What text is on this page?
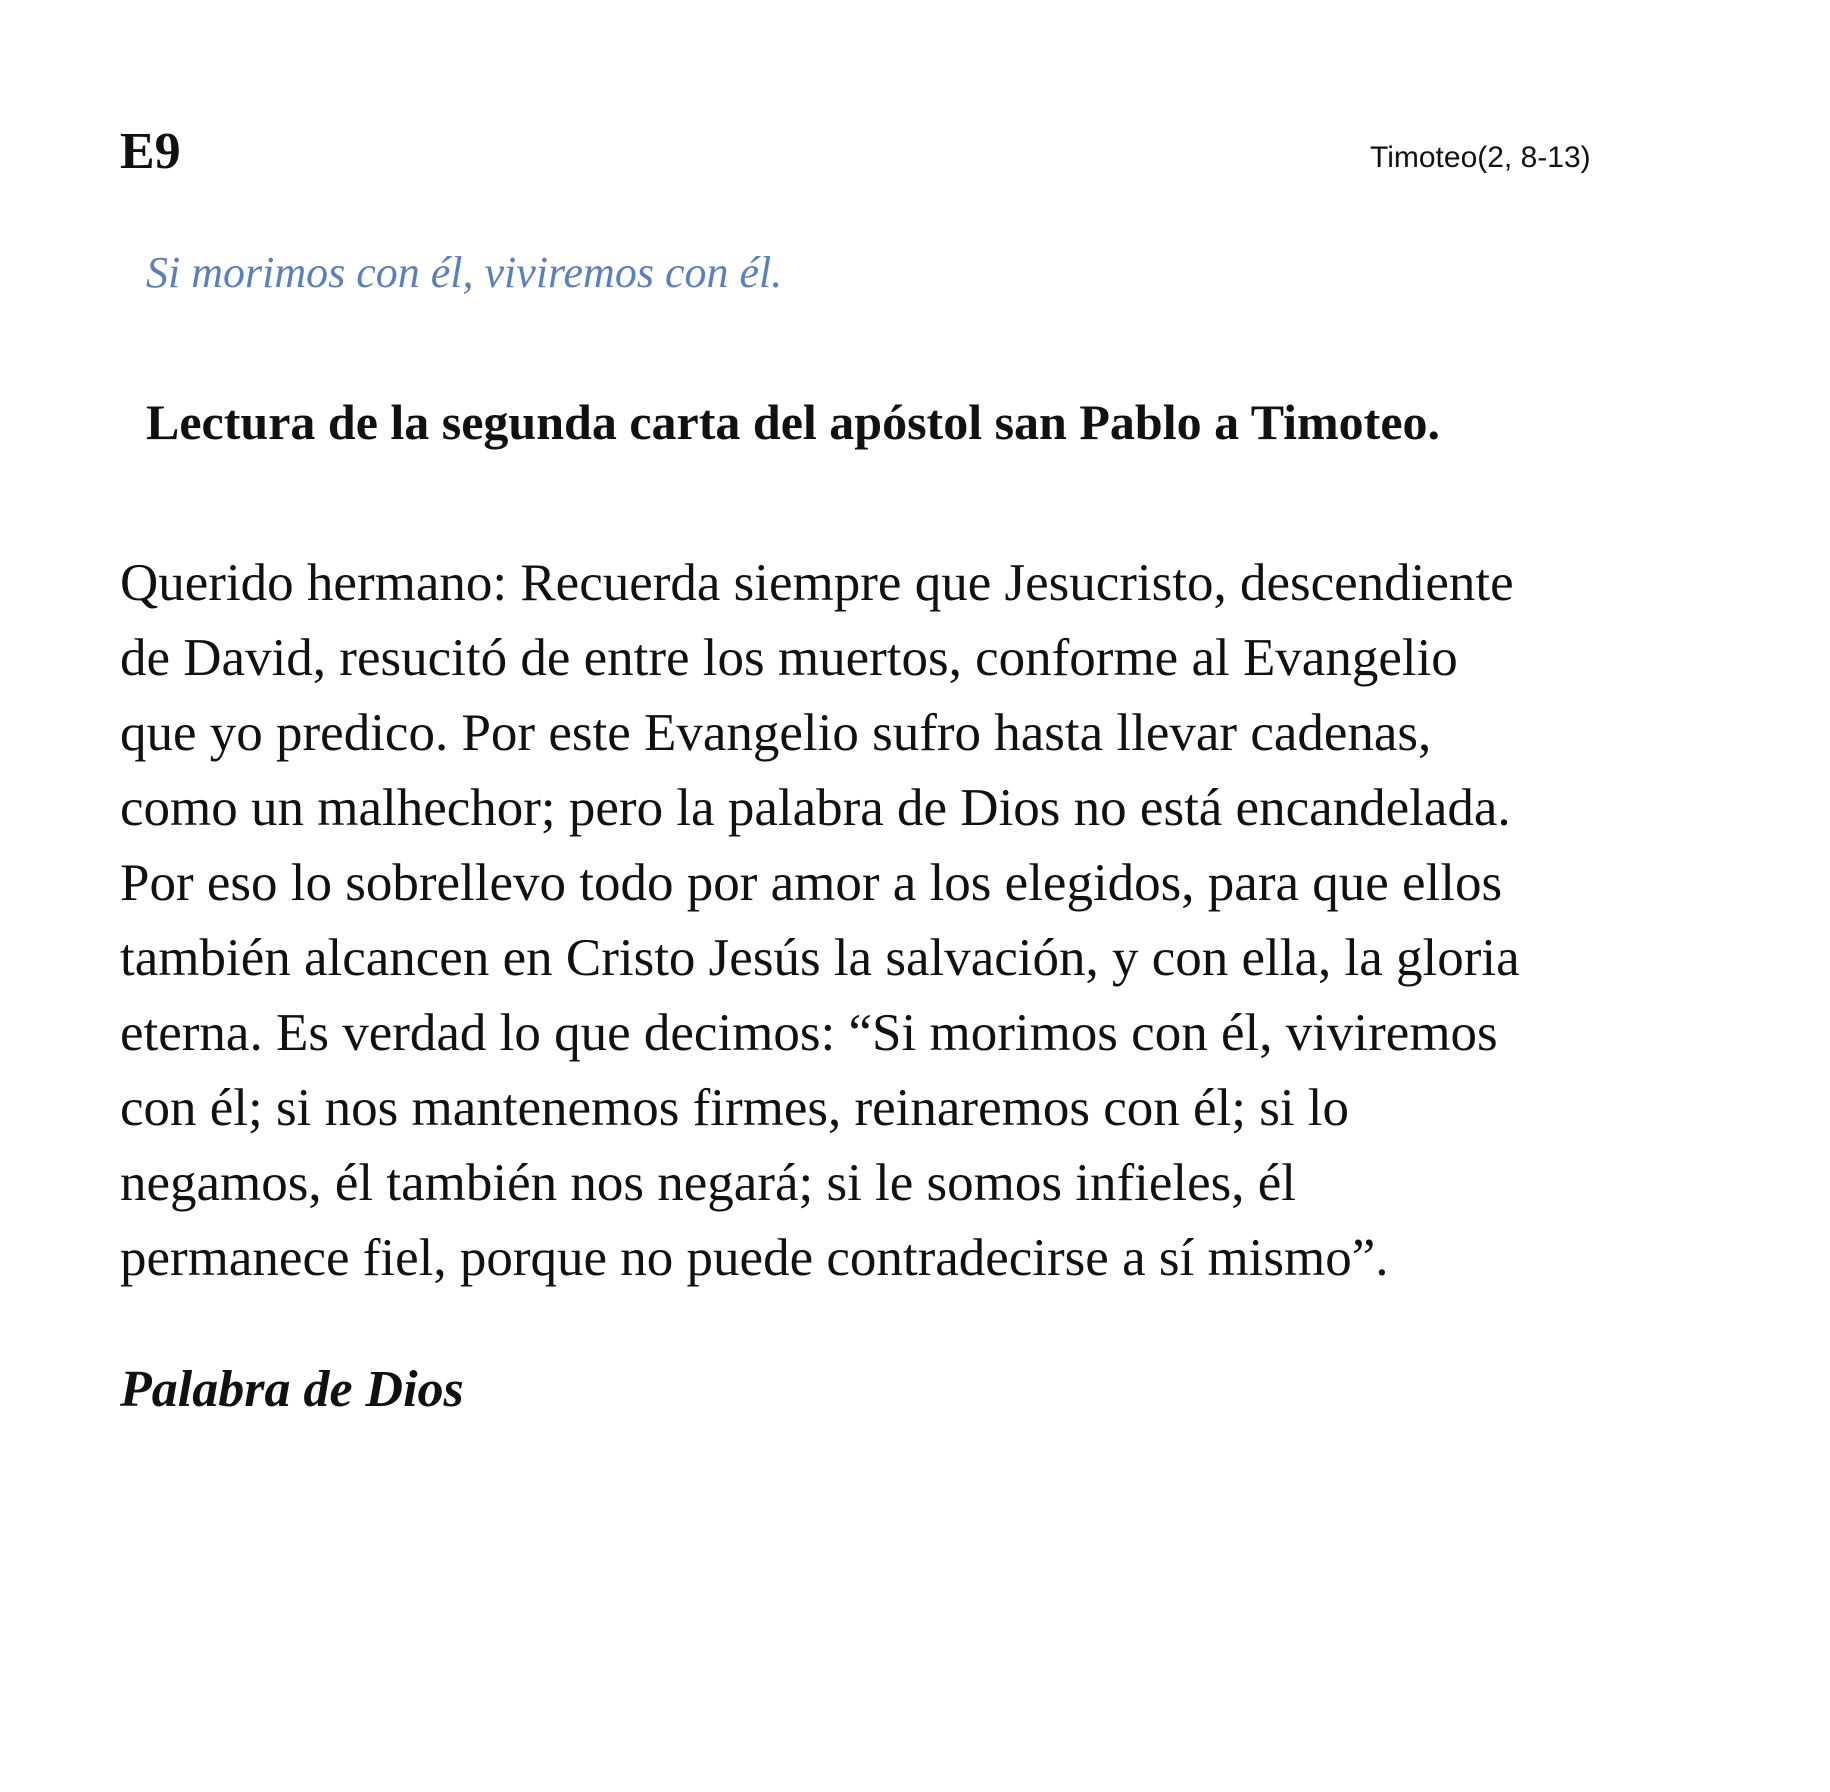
E9	Timoteo(2, 8-13)
Si morimos con él, viviremos con él.
Lectura de la segunda carta del apóstol san Pablo a Timoteo.
Querido hermano: Recuerda siempre que Jesucristo, descendiente
de David, resucitó de entre los muertos, conforme al Evangelio
que yo predico. Por este Evangelio sufro hasta llevar cadenas,
como un malhechor; pero la palabra de Dios no está encandelada.
Por eso lo sobrellevo todo por amor a los elegidos, para que ellos
también alcancen en Cristo Jesús la salvación, y con ella, la gloria
eterna. Es verdad lo que decimos: “Si morimos con él, viviremos
con él; si nos mantenemos firmes, reinaremos con él; si lo
negamos, él también nos negará; si le somos infieles, él
permanece fiel, porque no puede contradecirse a sí mismo”.
Palabra de Dios
